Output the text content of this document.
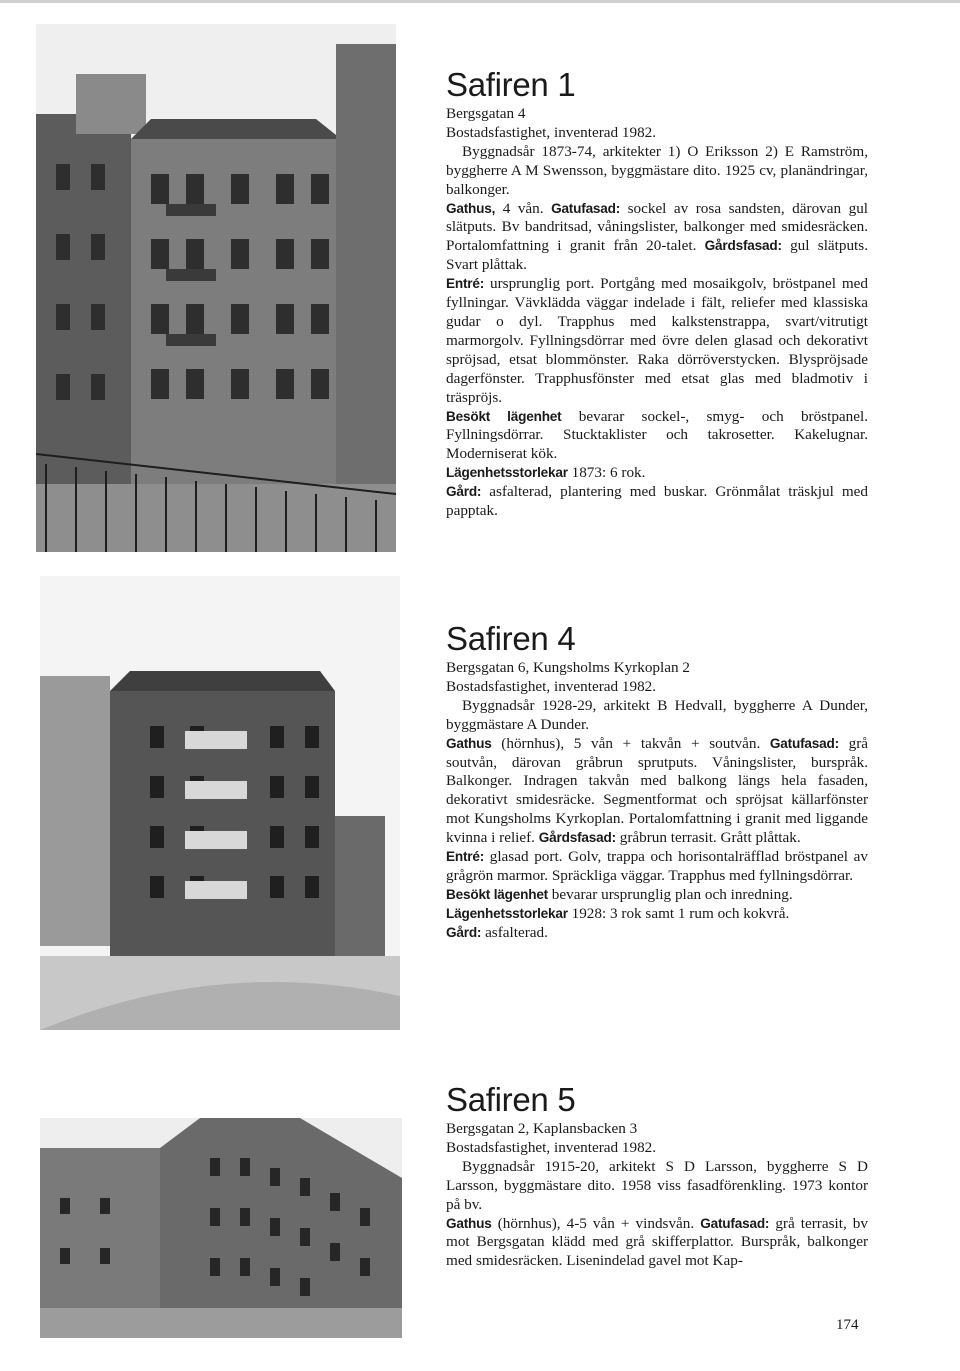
Safiren 1

Bergsgatan 4

Bostadsfastighet, inventerad 1982.

Byggnadsår 1873-74, arkitekter 1) O Eriksson 2) E Ramström, byggherre A M Swensson, byggmästare dito. 1925 cv, planändringar, balkonger.

Gathus, 4 vån. Gatufasad: sockel av rosa sandsten, därovan gul slätputs. Bv bandritsad, våningslister, balkonger med smidesräcken. Portalomfattning i granit från 20-talet. Gårdsfasad: gul slätputs. Svart plåttak.

Entré: ursprunglig port. Portgång med mosaikgolv, bröstpanel med fyllningar. Vävklädda väggar indelade i fält, reliefer med klassiska gudar o dyl. Trapphus med kalkstenstrappa, svart/vitrutigt marmorgolv. Fyllningsdörrar med övre delen glasad och dekorativt spröjsad, etsat blommönster. Raka dörröverstycken. Blyspröjsade dagerfönster. Trapphusfönster med etsat glas med bladmotiv i träspröjs.

Besökt lägenhet bevarar sockel-, smyg- och bröstpanel. Fyllningsdörrar. Stucktaklister och takrosetter. Kakelugnar. Moderniserat kök.

Lägenhetsstorlekar 1873: 6 rok.

Gård: asfalterad, plantering med buskar. Grönmålat träskjul med papptak.

Safiren 4

Bergsgatan 6, Kungsholms Kyrkoplan 2

Bostadsfastighet, inventerad 1982.

Byggnadsår 1928-29, arkitekt B Hedvall, byggherre A Dunder, byggmästare A Dunder.

Gathus (hörnhus), 5 vån + takvån + soutvån. Gatufasad: grå soutvån, därovan gråbrun sprutputs. Våningslister, burspråk. Balkonger. Indragen takvån med balkong längs hela fasaden, dekorativt smidesräcke. Segmentformat och spröjsat källarfönster mot Kungsholms Kyrkoplan. Portalomfattning i granit med liggande kvinna i relief. Gårdsfasad: gråbrun terrasit. Grått plåttak.

Entré: glasad port. Golv, trappa och horisontalräfflad bröstpanel av grågrön marmor. Spräckliga väggar. Trapphus med fyllningsdörrar.

Besökt lägenhet bevarar ursprunglig plan och inredning.

Lägenhetsstorlekar 1928: 3 rok samt 1 rum och kokvrå.

Gård: asfalterad.

Safiren 5

Bergsgatan 2, Kaplansbacken 3

Bostadsfastighet, inventerad 1982.

Byggnadsår 1915-20, arkitekt S D Larsson, byggherre S D Larsson, byggmästare dito. 1958 viss fasadförenkling. 1973 kontor på bv.

Gathus (hörnhus), 4-5 vån + vindsvån. Gatufasad: grå terrasit, bv mot Bergsgatan klädd med grå skifferplattor. Burspråk, balkonger med smidesräcken. Lisenindelad gavel mot Kap-

174
